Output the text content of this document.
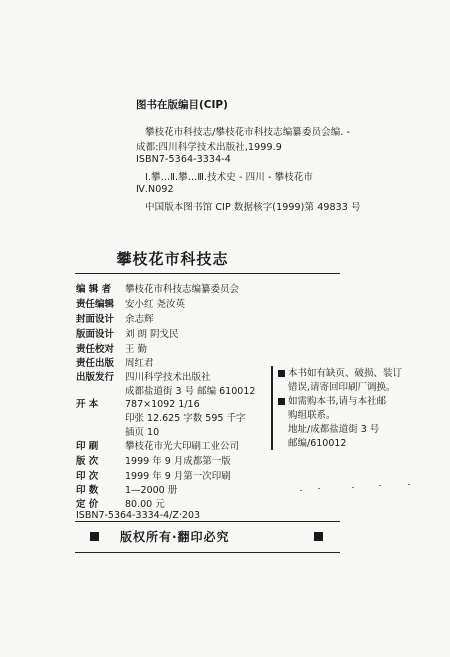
图书在版编目(CIP)
攀枝花市科技志/攀枝花市科技志编纂委员会编. -
成都:四川科学技术出版社,1999.9
ISBN7-5364-3334-4
Ⅰ.攀…Ⅱ.攀…Ⅲ.技术史 - 四川 - 攀枝花市
Ⅳ.N092
中国版本图书馆 CIP 数据核字(1999)第 49833 号
攀枝花市科技志
编 辑 者 攀枝花市科技志编纂委员会
责任编辑 安小红 尧汝英
封面设计 余志辉
版面设计 刘 朗 阴戈民
责任校对 王 勤
责任出版 周红君
出版发行 四川科学技术出版社
成都盐道街 3 号 邮编 610012
开 本	787×1092 1/16
印张 12.625 字数 595 千字
插页 10
印 刷	攀枝花市光大印刷工业公司
版 次	1999 年 9 月成都第一版
印 次	1999 年 9 月第一次印刷
印 数	1—2000 册
定 价	80.00 元
ISBN7-5364-3334-4/Z·203
本书如有缺页、破损、装订
错误,请寄回印刷厂调换。
如需购本书,请与本社邮
购组联系。
地址/成都盐道街 3 号
邮编/610012
版权所有·翻印必究
